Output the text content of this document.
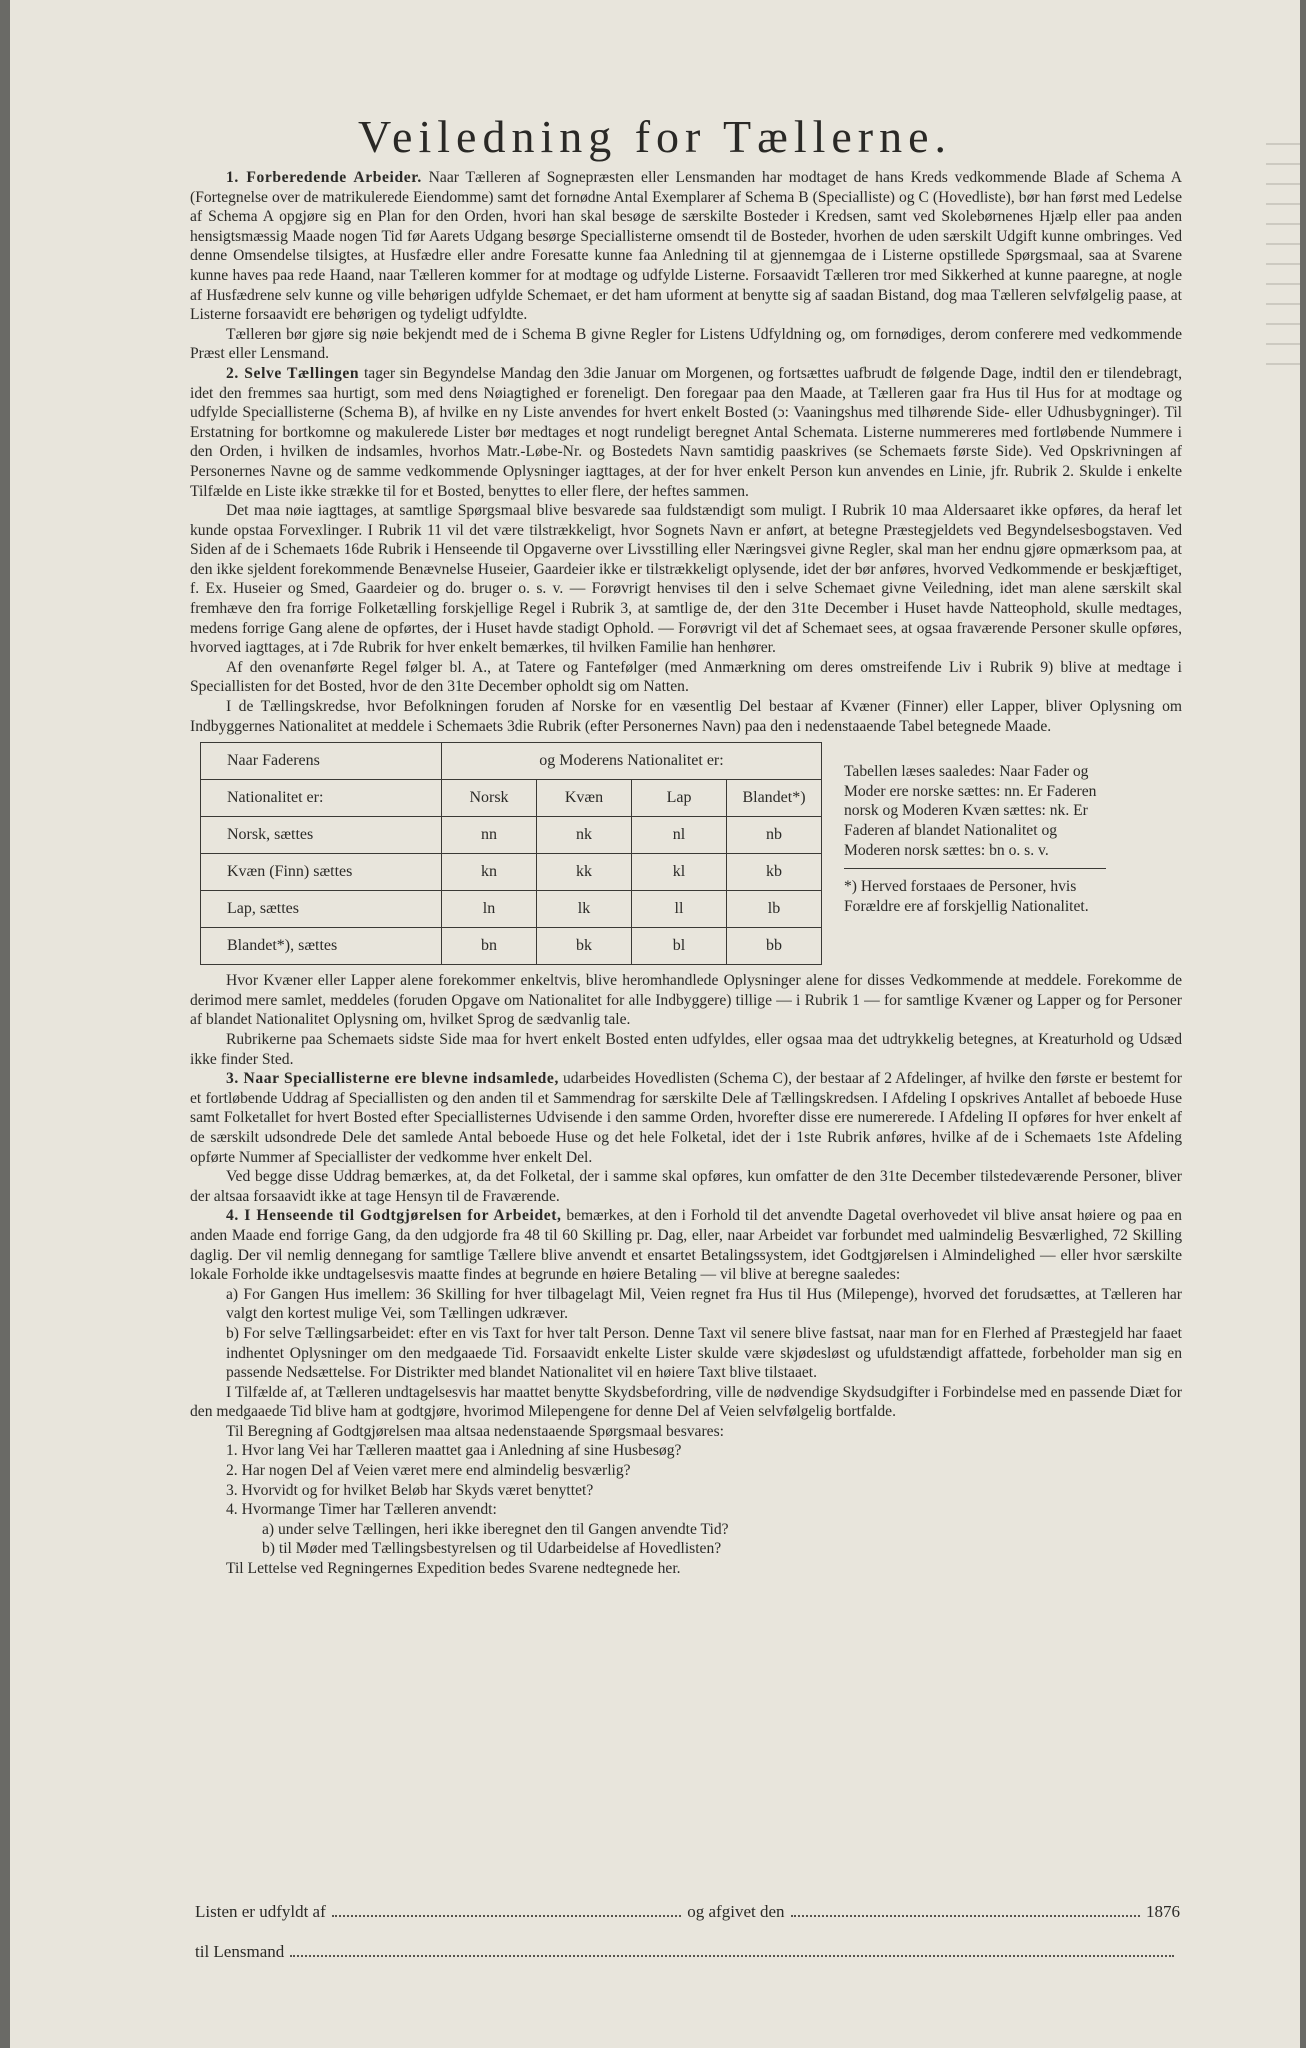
Veiledning for Tællerne.

1. Forberedende Arbeider. Naar Tælleren af Sognepræsten eller Lensmanden har modtaget de hans Kreds vedkommende Blade af Schema A (Fortegnelse over de matrikulerede Eiendomme) samt det fornødne Antal Exemplarer af Schema B (Specialliste) og C (Hovedliste), bør han først med Ledelse af Schema A opgjøre sig en Plan for den Orden, hvori han skal besøge de særskilte Bosteder i Kredsen, samt ved Skolebørnenes Hjælp eller paa anden hensigtsmæssig Maade nogen Tid før Aarets Udgang besørge Speciallisterne omsendt til de Bosteder, hvorhen de uden særskilt Udgift kunne ombringes. Ved denne Omsendelse tilsigtes, at Husfædre eller andre Foresatte kunne faa Anledning til at gjennemgaa de i Listerne opstillede Spørgsmaal, saa at Svarene kunne haves paa rede Haand, naar Tælleren kommer for at modtage og udfylde Listerne. Forsaavidt Tælleren tror med Sikkerhed at kunne paaregne, at nogle af Husfædrene selv kunne og ville behørigen udfylde Schemaet, er det ham uforment at benytte sig af saadan Bistand, dog maa Tælleren selvfølgelig paase, at Listerne forsaavidt ere behørigen og tydeligt udfyldte.

Tælleren bør gjøre sig nøie bekjendt med de i Schema B givne Regler for Listens Udfyldning og, om fornødiges, derom conferere med vedkommende Præst eller Lensmand.

2. Selve Tællingen tager sin Begyndelse Mandag den 3die Januar om Morgenen, og fortsættes uafbrudt de følgende Dage, indtil den er tilendebragt, idet den fremmes saa hurtigt, som med dens Nøiagtighed er foreneligt. Den foregaar paa den Maade, at Tælleren gaar fra Hus til Hus for at modtage og udfylde Speciallisterne (Schema B), af hvilke en ny Liste anvendes for hvert enkelt Bosted (ɔ: Vaaningshus med tilhørende Side- eller Udhusbygninger). Til Erstatning for bortkomne og makulerede Lister bør medtages et nogt rundeligt beregnet Antal Schemata. Listerne nummereres med fortløbende Nummere i den Orden, i hvilken de indsamles, hvorhos Matr.-Løbe-Nr. og Bostedets Navn samtidig paaskrives (se Schemaets første Side). Ved Opskrivningen af Personernes Navne og de samme vedkommende Oplysninger iagttages, at der for hver enkelt Person kun anvendes en Linie, jfr. Rubrik 2. Skulde i enkelte Tilfælde en Liste ikke strække til for et Bosted, benyttes to eller flere, der heftes sammen.

Det maa nøie iagttages, at samtlige Spørgsmaal blive besvarede saa fuldstændigt som muligt. I Rubrik 10 maa Aldersaaret ikke opføres, da heraf let kunde opstaa Forvexlinger. I Rubrik 11 vil det være tilstrækkeligt, hvor Sognets Navn er anført, at betegne Præstegjeldets ved Begyndelsesbogstaven. Ved Siden af de i Schemaets 16de Rubrik i Henseende til Opgaverne over Livsstilling eller Næringsvei givne Regler, skal man her endnu gjøre opmærksom paa, at den ikke sjeldent forekommende Benævnelse Huseier, Gaardeier ikke er tilstrækkeligt oplysende, idet der bør anføres, hvorved Vedkommende er beskjæftiget, f. Ex. Huseier og Smed, Gaardeier og do. bruger o. s. v. — Forøvrigt henvises til den i selve Schemaet givne Veiledning, idet man alene særskilt skal fremhæve den fra forrige Folketælling forskjellige Regel i Rubrik 3, at samtlige de, der den 31te December i Huset havde Natteophold, skulle medtages, medens forrige Gang alene de opførtes, der i Huset havde stadigt Ophold. — Forøvrigt vil det af Schemaet sees, at ogsaa fraværende Personer skulle opføres, hvorved iagttages, at i 7de Rubrik for hver enkelt bemærkes, til hvilken Familie han henhører.

Af den ovenanførte Regel følger bl. A., at Tatere og Fantefølger (med Anmærkning om deres omstreifende Liv i Rubrik 9) blive at medtage i Speciallisten for det Bosted, hvor de den 31te December opholdt sig om Natten.

I de Tællingskredse, hvor Befolkningen foruden af Norske for en væsentlig Del bestaar af Kvæner (Finner) eller Lapper, bliver Oplysning om Indbyggernes Nationalitet at meddele i Schemaets 3die Rubrik (efter Personernes Navn) paa den i nedenstaaende Tabel betegnede Maade.

Naar Faderens	og Moderens Nationalitet er:			
Nationalitet er:	Norsk	Kvæn	Lap	Blandet*)
Norsk, sættes	nn	nk	nl	nb
Kvæn (Finn) sættes	kn	kk	kl	kb
Lap, sættes	ln	lk	ll	lb
Blandet*), sættes	bn	bk	bl	bb
Tabellen læses saaledes: Naar Fader og Moder ere norske sættes: nn. Er Faderen norsk og Moderen Kvæn sættes: nk. Er Faderen af blandet Nationalitet og Moderen norsk sættes: bn o. s. v.
*) Herved forstaaes de Personer, hvis Forældre ere af forskjellig Nationalitet.

Hvor Kvæner eller Lapper alene forekommer enkeltvis, blive heromhandlede Oplysninger alene for disses Vedkommende at meddele. Forekomme de derimod mere samlet, meddeles (foruden Opgave om Nationalitet for alle Indbyggere) tillige — i Rubrik 1 — for samtlige Kvæner og Lapper og for Personer af blandet Nationalitet Oplysning om, hvilket Sprog de sædvanlig tale.

Rubrikerne paa Schemaets sidste Side maa for hvert enkelt Bosted enten udfyldes, eller ogsaa maa det udtrykkelig betegnes, at Kreaturhold og Udsæd ikke finder Sted.

3. Naar Speciallisterne ere blevne indsamlede, udarbeides Hovedlisten (Schema C), der bestaar af 2 Afdelinger, af hvilke den første er bestemt for et fortløbende Uddrag af Speciallisten og den anden til et Sammendrag for særskilte Dele af Tællingskredsen. I Afdeling I opskrives Antallet af beboede Huse samt Folketallet for hvert Bosted efter Speciallisternes Udvisende i den samme Orden, hvorefter disse ere numererede. I Afdeling II opføres for hver enkelt af de særskilt udsondrede Dele det samlede Antal beboede Huse og det hele Folketal, idet der i 1ste Rubrik anføres, hvilke af de i Schemaets 1ste Afdeling opførte Nummer af Speciallister der vedkomme hver enkelt Del.

Ved begge disse Uddrag bemærkes, at, da det Folketal, der i samme skal opføres, kun omfatter de den 31te December tilstedeværende Personer, bliver der altsaa forsaavidt ikke at tage Hensyn til de Fraværende.

4. I Henseende til Godtgjørelsen for Arbeidet, bemærkes, at den i Forhold til det anvendte Dagetal overhovedet vil blive ansat høiere og paa en anden Maade end forrige Gang, da den udgjorde fra 48 til 60 Skilling pr. Dag, eller, naar Arbeidet var forbundet med ualmindelig Besværlighed, 72 Skilling daglig. Der vil nemlig dennegang for samtlige Tællere blive anvendt et ensartet Betalingssystem, idet Godtgjørelsen i Almindelighed — eller hvor særskilte lokale Forholde ikke undtagelsesvis maatte findes at begrunde en høiere Betaling — vil blive at beregne saaledes:

a) For Gangen Hus imellem: 36 Skilling for hver tilbagelagt Mil, Veien regnet fra Hus til Hus (Milepenge), hvorved det forudsættes, at Tælleren har valgt den kortest mulige Vei, som Tællingen udkræver.

b) For selve Tællingsarbeidet: efter en vis Taxt for hver talt Person. Denne Taxt vil senere blive fastsat, naar man for en Flerhed af Præstegjeld har faaet indhentet Oplysninger om den medgaaede Tid. Forsaavidt enkelte Lister skulde være skjødesløst og ufuldstændigt affattede, forbeholder man sig en passende Nedsættelse. For Distrikter med blandet Nationalitet vil en høiere Taxt blive tilstaaet.

I Tilfælde af, at Tælleren undtagelsesvis har maattet benytte Skydsbefordring, ville de nødvendige Skydsudgifter i Forbindelse med en passende Diæt for den medgaaede Tid blive ham at godtgjøre, hvorimod Milepengene for denne Del af Veien selvfølgelig bortfalde.

Til Beregning af Godtgjørelsen maa altsaa nedenstaaende Spørgsmaal besvares:

1. Hvor lang Vei har Tælleren maattet gaa i Anledning af sine Husbesøg?

2. Har nogen Del af Veien været mere end almindelig besværlig?

3. Hvorvidt og for hvilket Beløb har Skyds været benyttet?

4. Hvormange Timer har Tælleren anvendt:

a) under selve Tællingen, heri ikke iberegnet den til Gangen anvendte Tid?

b) til Møder med Tællingsbestyrelsen og til Udarbeidelse af Hovedlisten?

Til Lettelse ved Regningernes Expedition bedes Svarene nedtegnede her.

Listen er udfyldt af	og afgivet den	1876
til Lensmand
